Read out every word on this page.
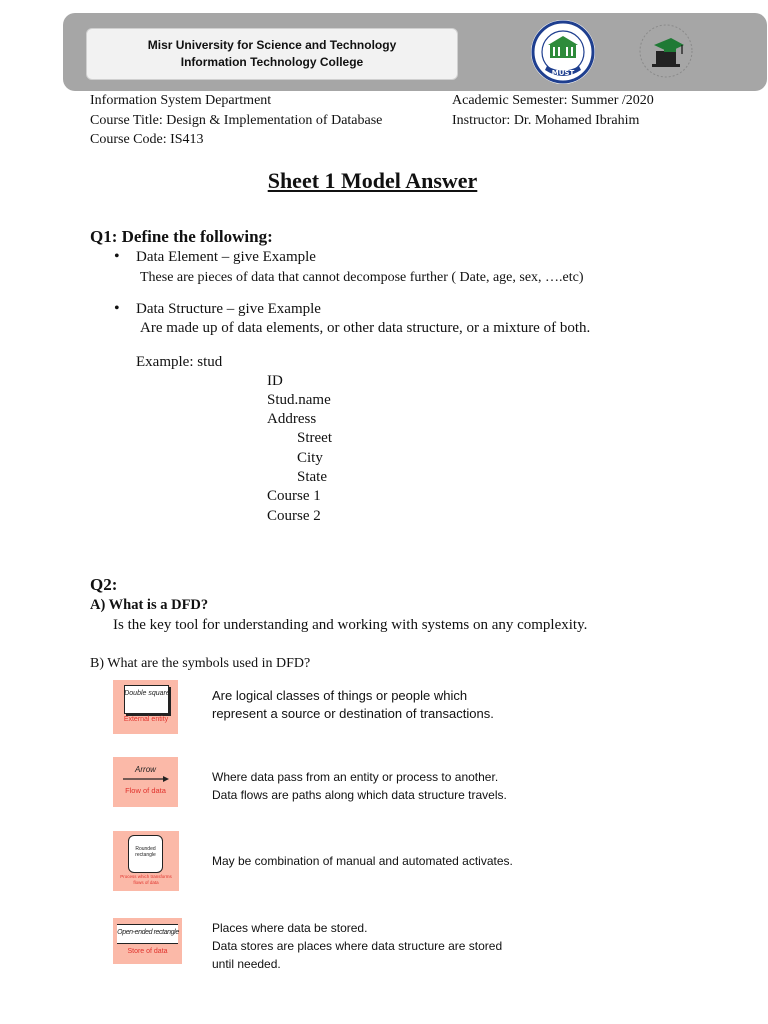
Misr University for Science and Technology
Information Technology College
MUST
Information System Department
Course Title: Design & Implementation of Database
Course Code: IS413
Academic Semester: Summer /2020
Instructor: Dr. Mohamed Ibrahim
Sheet 1 Model Answer
Q1: Define the following:
• Data Element – give Example
These are pieces of data that cannot decompose further ( Date, age, sex, ….etc)
• Data Structure – give Example
Are made up of data elements, or other data structure, or a mixture of both.
Example: stud
ID
Stud.name
Address
Street
City
State
Course 1
Course 2
Q2:
A) What is a DFD?
Is the key tool for understanding and working with systems on any complexity.
B) What are the symbols used in DFD?
Double square
External entity
Are logical classes of things or people which
represent a source or destination of transactions.
Arrow
Flow of data
Where data pass from an entity or process to another.
Data flows are paths along which data structure travels.
Rounded rectangle
Process which transforms flows of data
May be combination of manual and automated activates.
Open-ended rectangle
Store of data
Places where data be stored.
Data stores are places where data structure are stored
until needed.
